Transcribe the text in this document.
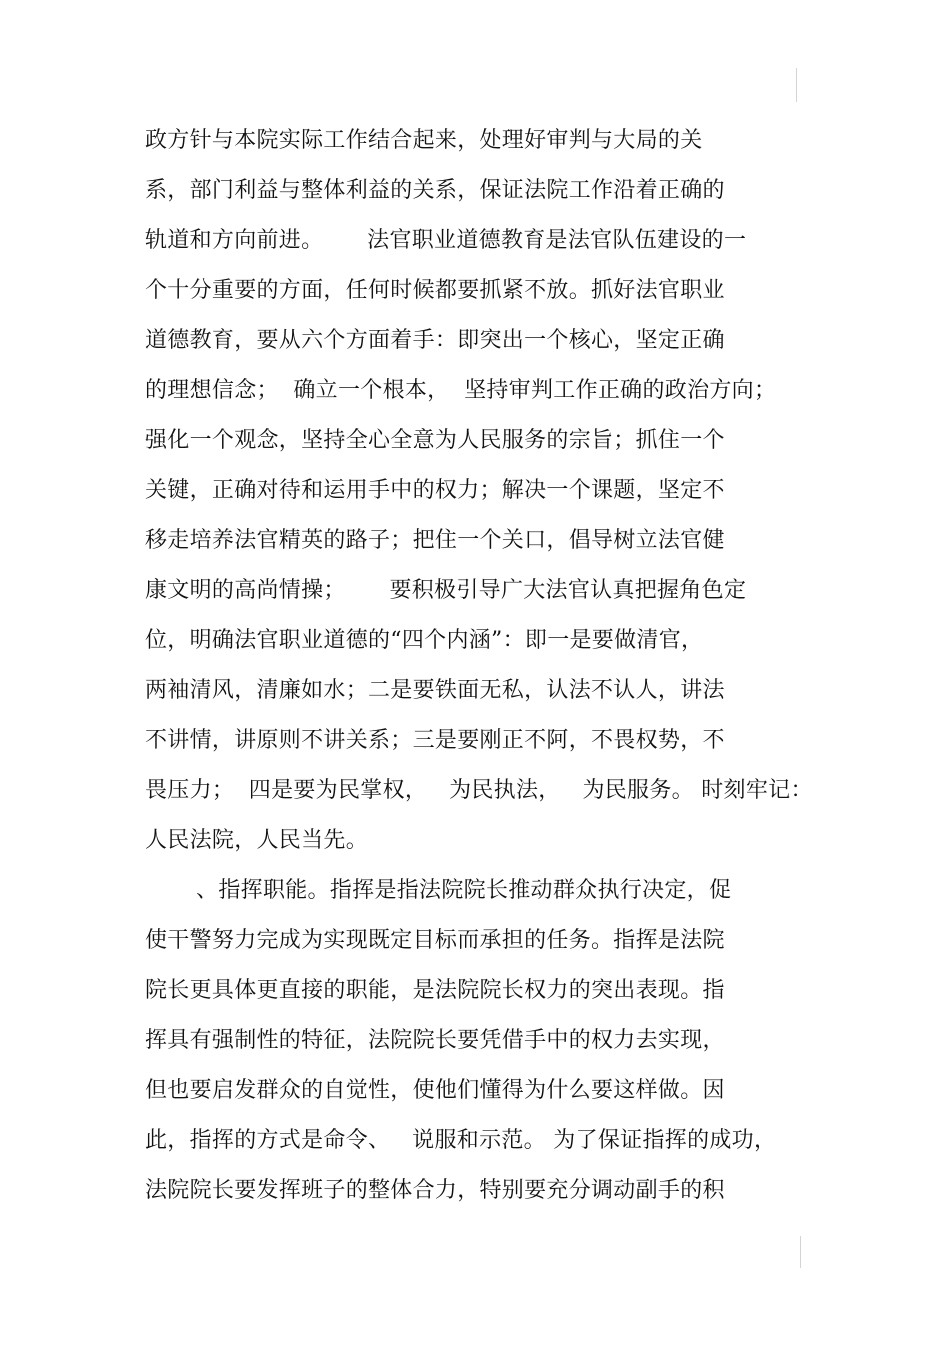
政方针与本院实际工作结合起来，处理好审判与大局的关
系，部门利益与整体利益的关系，保证法院工作沿着正确的
轨道和方向前进。      法官职业道德教育是法官队伍建设的一
个十分重要的方面，任何时候都要抓紧不放。抓好法官职业
道德教育，要从六个方面着手：即突出一个核心，坚定正确
的理想信念；  确立一个根本，  坚持审判工作正确的政治方向；
强化一个观念，坚持全心全意为人民服务的宗旨；抓住一个
关键，正确对待和运用手中的权力；解决一个课题，坚定不
移走培养法官精英的路子；把住一个关口，倡导树立法官健
康文明的高尚情操；      要积极引导广大法官认真把握角色定
位，明确法官职业道德的“四个内涵”：即一是要做清官，
两袖清风，清廉如水；二是要铁面无私，认法不认人，讲法
不讲情，讲原则不讲关系；三是要刚正不阿，不畏权势，不
畏压力；  四是要为民掌权，   为民执法，   为民服务。 时刻牢记：
人民法院，人民当先。
、指挥职能。指挥是指法院院长推动群众执行决定，促
使干警努力完成为实现既定目标而承担的任务。指挥是法院
院长更具体更直接的职能，是法院院长权力的突出表现。指
挥具有强制性的特征，法院院长要凭借手中的权力去实现，
但也要启发群众的自觉性，使他们懂得为什么要这样做。因
此，指挥的方式是命令、   说服和示范。 为了保证指挥的成功，
法院院长要发挥班子的整体合力，特别要充分调动副手的积
